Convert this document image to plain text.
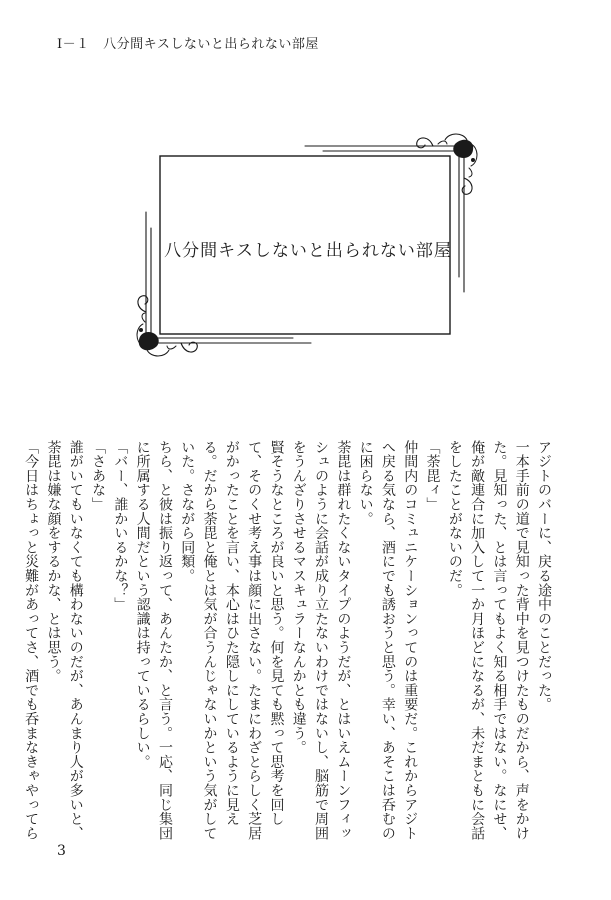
Ⅰ－１　八分間キスしないと出られない部屋
八分間キスしないと出られない部屋

アジトのバーに、戻る途中のことだった。

一本手前の道で見知った背中を見つけたものだから、声をかけた。見知った、とは言ってもよく知る相手ではない。なにせ、俺が敵連合に加入して一か月ほどになるが、未だまともに会話をしたことがないのだ。

「荼毘ィ」

仲間内のコミュニケーションってのは重要だ。これからアジトへ戻る気なら、酒にでも誘おうと思う。幸い、あそこは呑むのに困らない。

荼毘は群れたくないタイプのようだが、とはいえムーンフィッシュのように会話が成り立たないわけではないし、脳筋で周囲をうんざりさせるマスキュラーなんかとも違う。

賢そうなところが良いと思う。何を見ても黙って思考を回して、そのくせ考え事は顔に出さない。たまにわざとらしく芝居がかったことを言い、本心はひた隠しにしているように見える。だから荼毘と俺とは気が合うんじゃないかという気がしていた。さながら同類。

ちら、と彼は振り返って、あんたか、と言う。一応、同じ集団に所属する人間だという認識は持っているらしい。

「バー、誰かいるかな？」

「さあな」

誰がいてもいなくても構わないのだが、あんまり人が多いと、荼毘は嫌な顔をするかな、とは思う。

「今日はちょっと災難があってさ、酒でも呑まなきゃやってら

3
